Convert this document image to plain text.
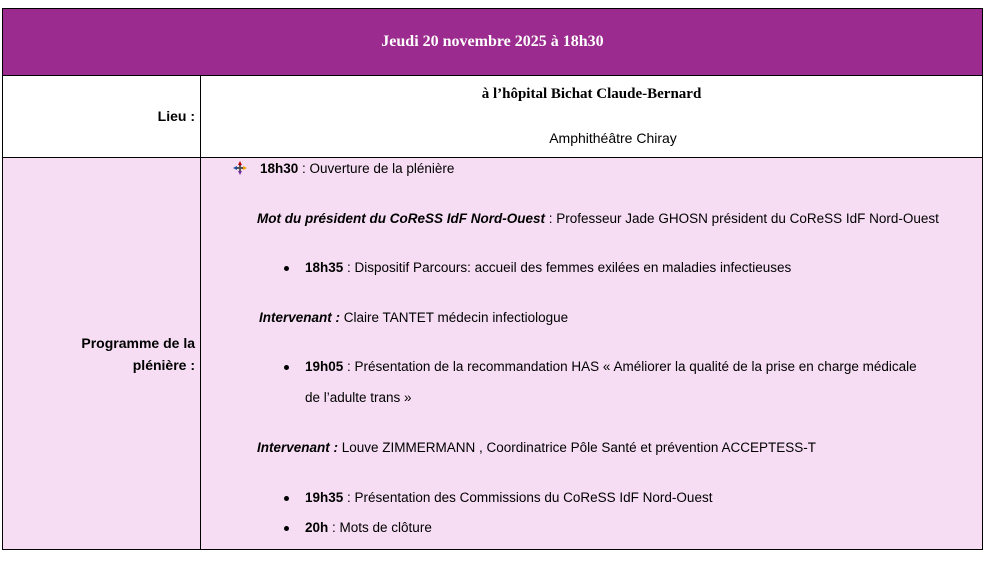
Jeudi 20 novembre 2025 à 18h30
Lieu :
à l’hôpital Bichat Claude-Bernard
Amphithéâtre Chiray
Programme de la
plénière :
18h30 : Ouverture de la plénière
Mot du président du CoReSS IdF Nord-Ouest : Professeur Jade GHOSN président du CoReSS IdF Nord-Ouest
18h35 : Dispositif Parcours: accueil des femmes exilées en maladies infectieuses
Intervenant : Claire TANTET médecin infectiologue
19h05 : Présentation de la recommandation HAS « Améliorer la qualité de la prise en charge médicale
de l’adulte trans »
Intervenant : Louve ZIMMERMANN , Coordinatrice Pôle Santé et prévention ACCEPTESS-T
19h35 : Présentation des Commissions du CoReSS IdF Nord-Ouest
20h : Mots de clôture
